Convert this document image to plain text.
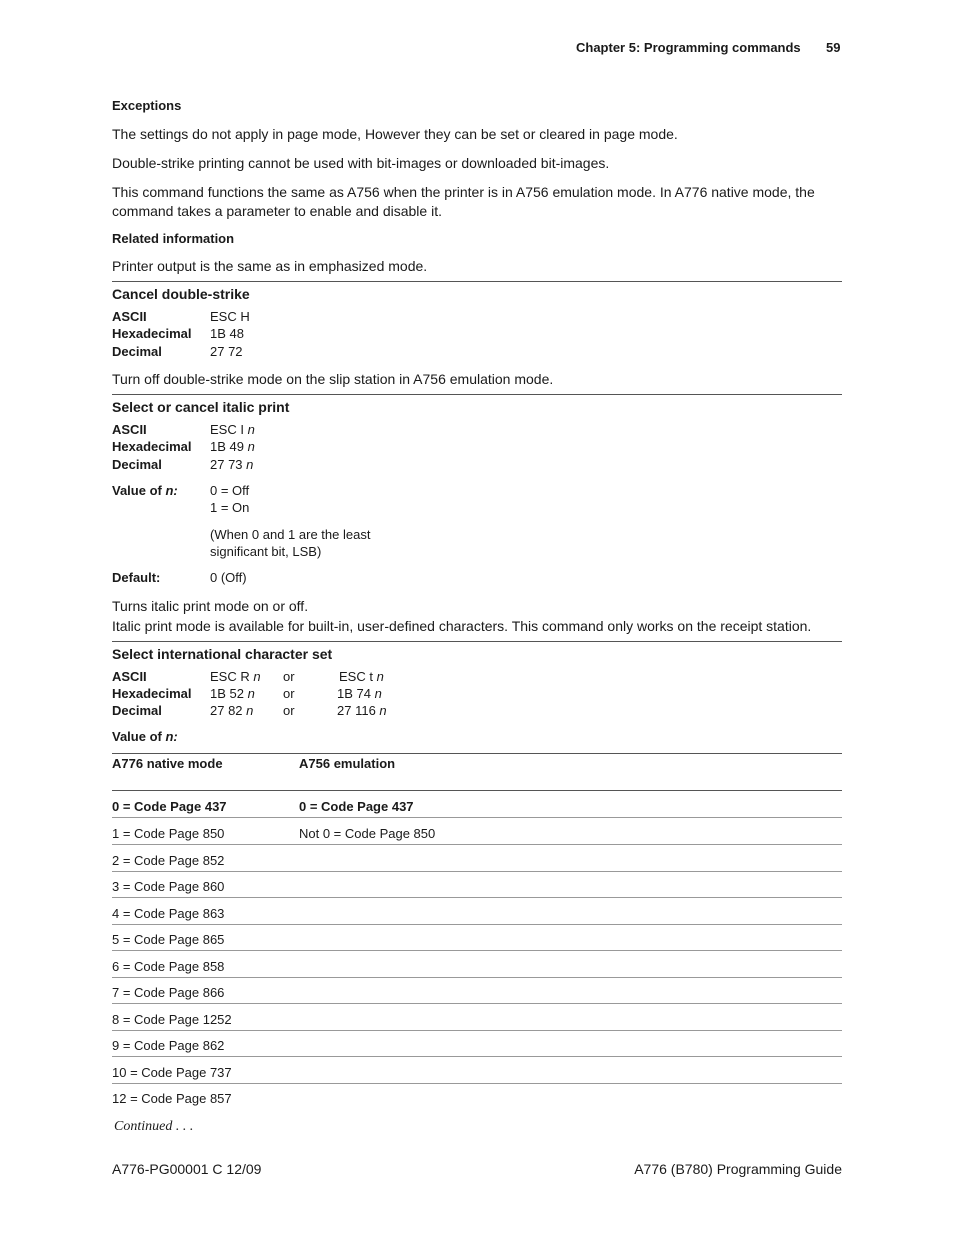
Chapter 5: Programming commands 59
Exceptions
The settings do not apply in page mode, However they can be set or cleared in page mode.
Double-strike printing cannot be used with bit-images or downloaded bit-images.
This command functions the same as A756 when the printer is in A756 emulation mode. In A776 native mode, the
command takes a parameter to enable and disable it.
Related information
Printer output is the same as in emphasized mode.
Cancel double-strike
ASCII	ESC H
Hexadecimal 1B 48
Decimal	27 72
Turn off double-strike mode on the slip station in A756 emulation mode.
Select or cancel italic print
ASCII	ESC I n
Hexadecimal 1B 49 n
Decimal	27 73 n
Value of n: 0 = Off
1 = On
(When 0 and 1 are the least
significant bit, LSB)
Default:	0 (Off)
Turns italic print mode on or off.
Italic print mode is available for built-in, user-defined characters. This command only works on the receipt station.
Select international character set
ASCII	ESC R n or	ESC t n
Hexadecimal 1B 52 n or	1B 74 n
Decimal	27 82 n or	27 116 n
Value of n:
A776 native mode	A756 emulation
0 = Code Page 437	0 = Code Page 437
1 = Code Page 850	Not 0 = Code Page 850
2 = Code Page 852
3 = Code Page 860
4 = Code Page 863
5 = Code Page 865
6 = Code Page 858
7 = Code Page 866
8 = Code Page 1252
9 = Code Page 862
10 = Code Page 737
12 = Code Page 857
Continued . . .
A776-PG00001 C 12/09	A776 (B780) Programming Guide
